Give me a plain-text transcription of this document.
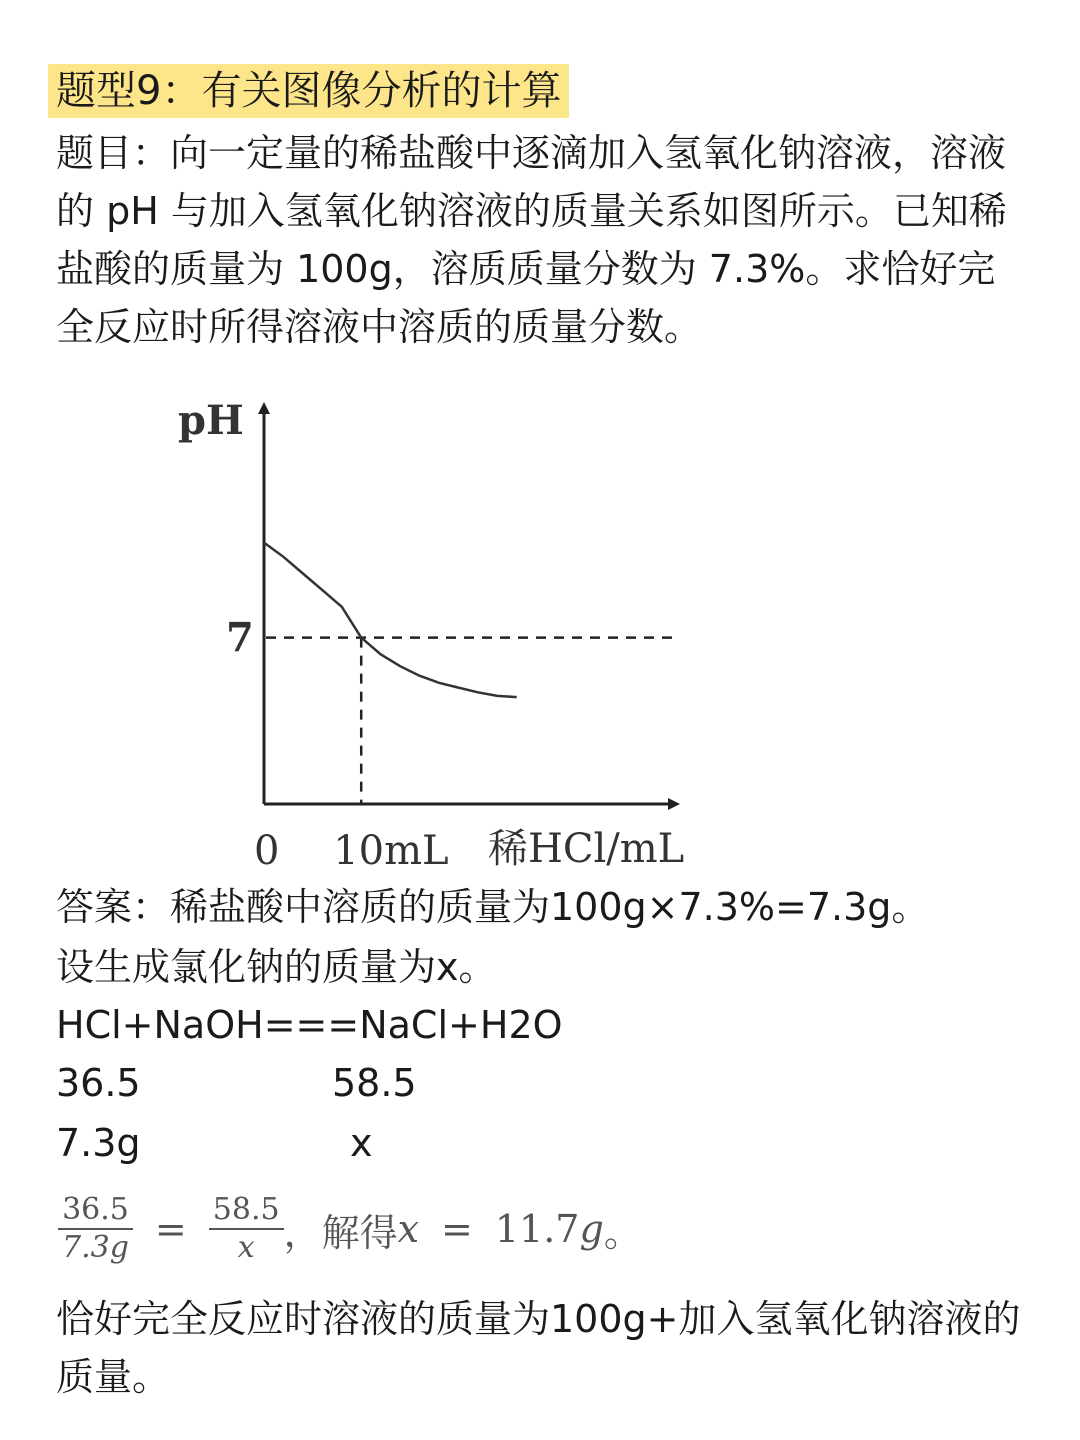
题型9：有关图像分析的计算
题目：向一定量的稀盐酸中逐滴加入氢氧化钠溶液，溶液的 pH 与加入氢氧化钠溶液的质量关系如图所示。已知稀盐酸的质量为 100g，溶质质量分数为 7.3%。求恰好完全反应时所得溶液中溶质的质量分数。
pH
7
0 10mL 稀HCl/mL
答案：稀盐酸中溶质的质量为100g×7.3%=7.3g。
设生成氯化钠的质量为x。
HCl+NaOH===NaCl+H2O
36.5	58.5
7.3g	x
$\frac{36.5}{7.3g} = \frac{58.5}{x}$ ， 解得 x = 11.7 g 。
恰好完全反应时溶液的质量为100g+加入氢氧化钠溶液的质量。
